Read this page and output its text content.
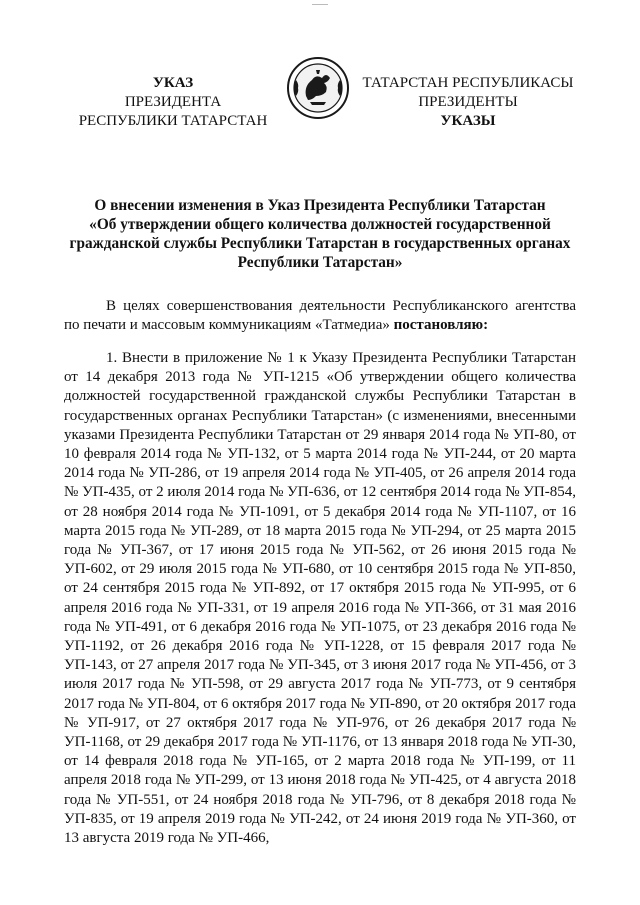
УКАЗ
ПРЕЗИДЕНТА
РЕСПУБЛИКИ ТАТАРСТАН
ТАТАРСТАН РЕСПУБЛИКАСЫ
ПРЕЗИДЕНТЫ
УКАЗЫ
О внесении изменения в Указ Президента Республики Татарстан
«Об утверждении общего количества должностей государственной
гражданской службы Республики Татарстан в государственных органах
Республики Татарстан»
В целях совершенствования деятельности Республиканского агентства по печати и массовым коммуникациям «Татмедиа» постановляю:
1. Внести в приложение № 1 к Указу Президента Республики Татарстан от 14 декабря 2013 года № УП-1215 «Об утверждении общего количества должностей государственной гражданской службы Республики Татарстан в государственных органах Республики Татарстан» (с изменениями, внесенными указами Президента Республики Татарстан от 29 января 2014 года № УП-80, от 10 февраля 2014 года № УП-132, от 5 марта 2014 года № УП-244, от 20 марта 2014 года № УП-286, от 19 апреля 2014 года № УП-405, от 26 апреля 2014 года № УП-435, от 2 июля 2014 года № УП-636, от 12 сентября 2014 года № УП-854, от 28 ноября 2014 года № УП-1091, от 5 декабря 2014 года № УП-1107, от 16 марта 2015 года № УП-289, от 18 марта 2015 года № УП-294, от 25 марта 2015 года № УП-367, от 17 июня 2015 года № УП-562, от 26 июня 2015 года № УП-602, от 29 июля 2015 года № УП-680, от 10 сентября 2015 года № УП-850, от 24 сентября 2015 года № УП-892, от 17 октября 2015 года № УП-995, от 6 апреля 2016 года № УП-331, от 19 апреля 2016 года № УП-366, от 31 мая 2016 года № УП-491, от 6 декабря 2016 года № УП-1075, от 23 декабря 2016 года № УП-1192, от 26 декабря 2016 года № УП-1228, от 15 февраля 2017 года № УП-143, от 27 апреля 2017 года № УП-345, от 3 июня 2017 года № УП-456, от 3 июля 2017 года № УП-598, от 29 августа 2017 года № УП-773, от 9 сентября 2017 года № УП-804, от 6 октября 2017 года № УП-890, от 20 октября 2017 года № УП-917, от 27 октября 2017 года № УП-976, от 26 декабря 2017 года № УП-1168, от 29 декабря 2017 года № УП-1176, от 13 января 2018 года № УП-30, от 14 февраля 2018 года № УП-165, от 2 марта 2018 года № УП-199, от 11 апреля 2018 года № УП-299, от 13 июня 2018 года № УП-425, от 4 августа 2018 года № УП-551, от 24 ноября 2018 года № УП-796, от 8 декабря 2018 года № УП-835, от 19 апреля 2019 года № УП-242, от 24 июня 2019 года № УП-360, от 13 августа 2019 года № УП-466,
